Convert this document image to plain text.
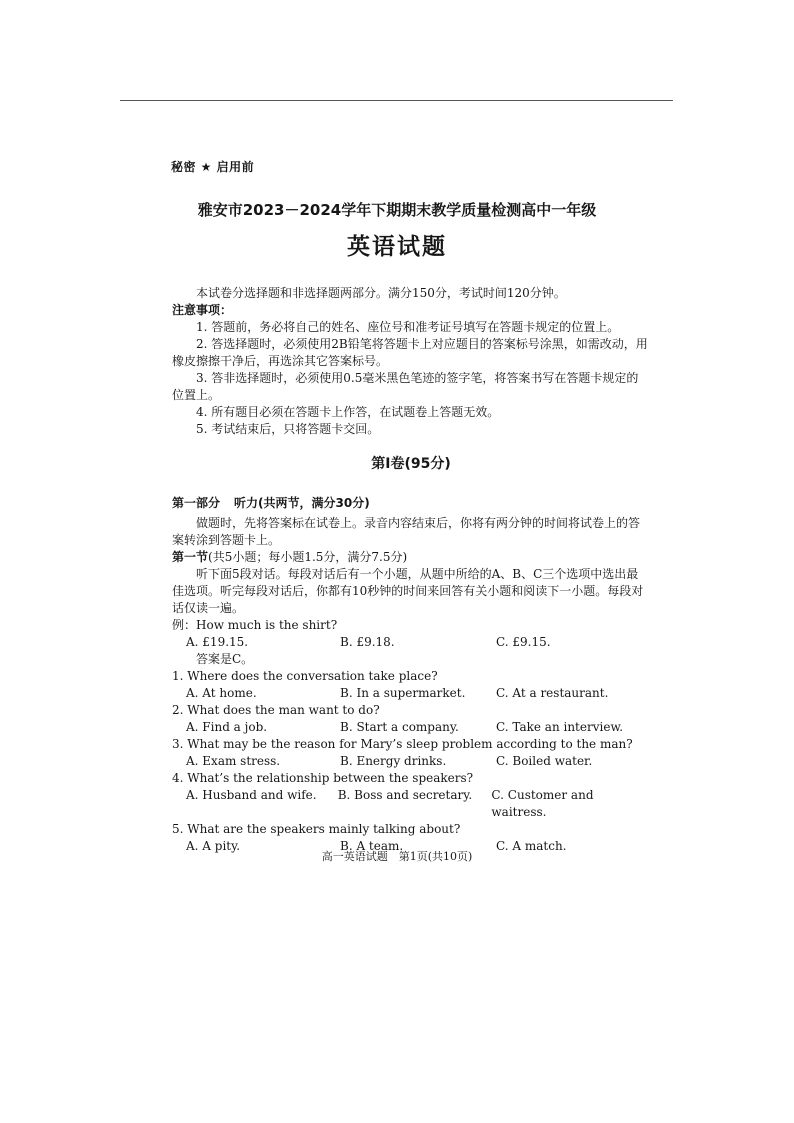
秘密 ★ 启用前
雅安市2023－2024学年下期期末教学质量检测高中一年级
英语试题

本试卷分选择题和非选择题两部分。满分150分，考试时间120分钟。

注意事项：

1. 答题前，务必将自己的姓名、座位号和准考证号填写在答题卡规定的位置上。

2. 答选择题时，必须使用2B铅笔将答题卡上对应题目的答案标号涂黑，如需改动，用橡皮擦擦干净后，再选涂其它答案标号。

3. 答非选择题时，必须使用0.5毫米黑色笔迹的签字笔，将答案书写在答题卡规定的位置上。

4. 所有题目必须在答题卡上作答，在试题卷上答题无效。

5. 考试结束后，只将答题卡交回。

第Ⅰ卷(95分)

第一部分 听力(共两节，满分30分)

做题时，先将答案标在试卷上。录音内容结束后，你将有两分钟的时间将试卷上的答案转涂到答题卡上。

第一节(共5小题；每小题1.5分，满分7.5分)

听下面5段对话。每段对话后有一个小题，从题中所给的A、B、C三个选项中选出最佳选项。听完每段对话后，你都有10秒钟的时间来回答有关小题和阅读下一小题。每段对话仅读一遍。

例：How much is the shirt?

A. £19.15.	B. £9.18.	C. £9.15.

答案是C。

1. Where does the conversation take place?

A. At home.	B. In a supermarket.	C. At a restaurant.

2. What does the man want to do?

A. Find a job.	B. Start a company.	C. Take an interview.

3. What may be the reason for Mary’s sleep problem according to the man?

A. Exam stress.	B. Energy drinks.	C. Boiled water.

4. What’s the relationship between the speakers?

A. Husband and wife.	B. Boss and secretary.	C. Customer and waitress.

5. What are the speakers mainly talking about?

A. A pity.	B. A team.	C. A match.
高一英语试题　第1页(共10页)
